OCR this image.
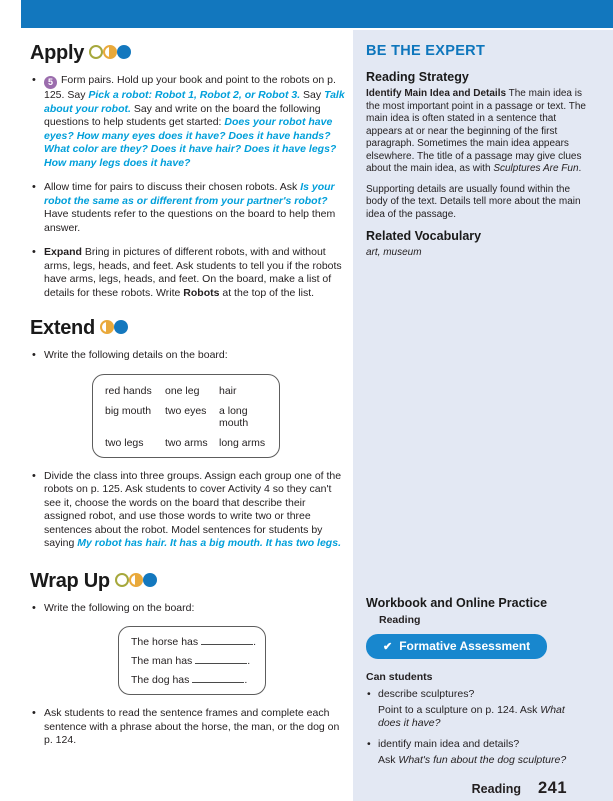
Apply
• 5 Form pairs. Hold up your book and point to the robots on p. 125. Say Pick a robot: Robot 1, Robot 2, or Robot 3. Say Talk about your robot. Say and write on the board the following questions to help students get started: Does your robot have eyes? How many eyes does it have? Does it have hands? What color are they? Does it have hair? Does it have legs? How many legs does it have?
• Allow time for pairs to discuss their chosen robots. Ask Is your robot the same as or different from your partner's robot? Have students refer to the questions on the board to help them answer.
• Expand Bring in pictures of different robots, with and without arms, legs, heads, and feet. Ask students to tell you if the robots have arms, legs, heads, and feet. On the board, make a list of details for these robots. Write Robots at the top of the list.
Extend
• Write the following details on the board:
red hands	one leg	hair
big mouth	two eyes	a long mouth
two legs	two arms	long arms
• Divide the class into three groups. Assign each group one of the robots on p. 125. Ask students to cover Activity 4 so they can't see it, choose the words on the board that describe their assigned robot, and use those words to write two or three sentences about the robot. Model sentences for students by saying My robot has hair. It has a big mouth. It has two legs.
Wrap Up
• Write the following on the board:
The horse has	.
The man has	.
The dog has	.
• Ask students to read the sentence frames and complete each sentence with a phrase about the horse, the man, or the dog on p. 124.
BE THE EXPERT
Reading Strategy

Identify Main Idea and Details The main idea is the most important point in a passage or text. The main idea is often stated in a sentence that appears at or near the beginning of the first paragraph. Sometimes the main idea appears elsewhere. The title of a passage may give clues about the main idea, as with Sculptures Are Fun.

Supporting details are usually found within the body of the text. Details tell more about the main idea of the passage.

Related Vocabulary

art, museum

Workbook and Online Practice
Reading
✔ Formative Assessment
Can students
• describe sculptures?

Point to a sculpture on p. 124. Ask What does it have?

• identify main idea and details?

Ask What's fun about the dog sculpture?

Reading 241
